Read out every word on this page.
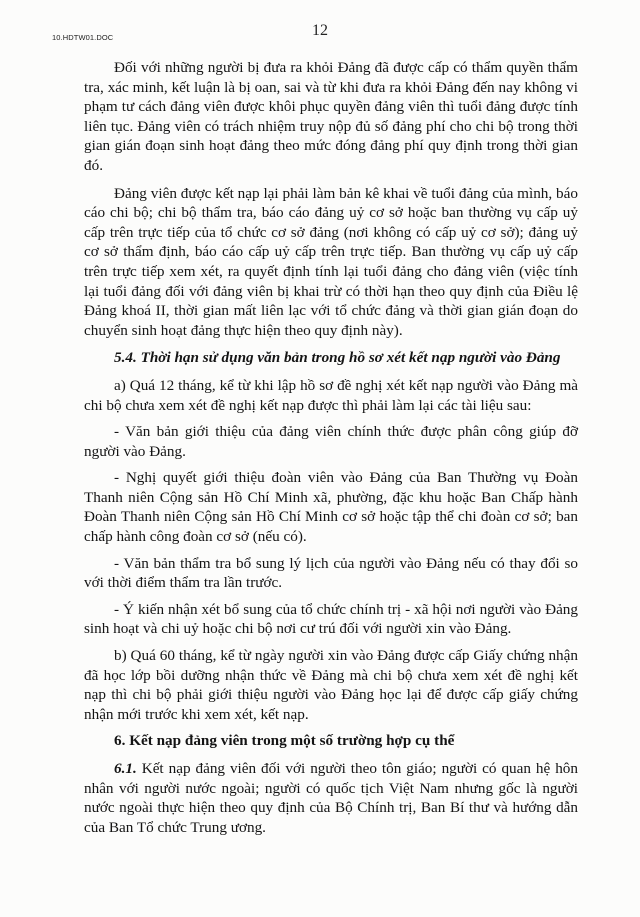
10.HDTW01.DOC	12

Đối với những người bị đưa ra khỏi Đảng đã được cấp có thẩm quyền thẩm tra, xác minh, kết luận là bị oan, sai và từ khi đưa ra khỏi Đảng đến nay không vi phạm tư cách đảng viên được khôi phục quyền đảng viên thì tuổi đảng được tính liên tục. Đảng viên có trách nhiệm truy nộp đủ số đảng phí cho chi bộ trong thời gian gián đoạn sinh hoạt đảng theo mức đóng đảng phí quy định trong thời gian đó.

Đảng viên được kết nạp lại phải làm bản kê khai về tuổi đảng của mình, báo cáo chi bộ; chi bộ thẩm tra, báo cáo đảng uỷ cơ sở hoặc ban thường vụ cấp uỷ cấp trên trực tiếp của tổ chức cơ sở đảng (nơi không có cấp uỷ cơ sở); đảng uỷ cơ sở thẩm định, báo cáo cấp uỷ cấp trên trực tiếp. Ban thường vụ cấp uỷ cấp trên trực tiếp xem xét, ra quyết định tính lại tuổi đảng cho đảng viên (việc tính lại tuổi đảng đối với đảng viên bị khai trừ có thời hạn theo quy định của Điều lệ Đảng khoá II, thời gian mất liên lạc với tổ chức đảng và thời gian gián đoạn do chuyển sinh hoạt đảng thực hiện theo quy định này).

5.4. Thời hạn sử dụng văn bản trong hồ sơ xét kết nạp người vào Đảng

a) Quá 12 tháng, kể từ khi lập hồ sơ đề nghị xét kết nạp người vào Đảng mà chi bộ chưa xem xét đề nghị kết nạp được thì phải làm lại các tài liệu sau:

- Văn bản giới thiệu của đảng viên chính thức được phân công giúp đỡ người vào Đảng.

- Nghị quyết giới thiệu đoàn viên vào Đảng của Ban Thường vụ Đoàn Thanh niên Cộng sản Hồ Chí Minh xã, phường, đặc khu hoặc Ban Chấp hành Đoàn Thanh niên Cộng sản Hồ Chí Minh cơ sở hoặc tập thể chi đoàn cơ sở; ban chấp hành công đoàn cơ sở (nếu có).

- Văn bản thẩm tra bổ sung lý lịch của người vào Đảng nếu có thay đổi so với thời điểm thẩm tra lần trước.

- Ý kiến nhận xét bổ sung của tổ chức chính trị - xã hội nơi người vào Đảng sinh hoạt và chi uỷ hoặc chi bộ nơi cư trú đối với người xin vào Đảng.

b) Quá 60 tháng, kể từ ngày người xin vào Đảng được cấp Giấy chứng nhận đã học lớp bồi dưỡng nhận thức về Đảng mà chi bộ chưa xem xét đề nghị kết nạp thì chi bộ phải giới thiệu người vào Đảng học lại để được cấp giấy chứng nhận mới trước khi xem xét, kết nạp.

6. Kết nạp đảng viên trong một số trường hợp cụ thể

6.1. Kết nạp đảng viên đối với người theo tôn giáo; người có quan hệ hôn nhân với người nước ngoài; người có quốc tịch Việt Nam nhưng gốc là người nước ngoài thực hiện theo quy định của Bộ Chính trị, Ban Bí thư và hướng dẫn của Ban Tổ chức Trung ương.
